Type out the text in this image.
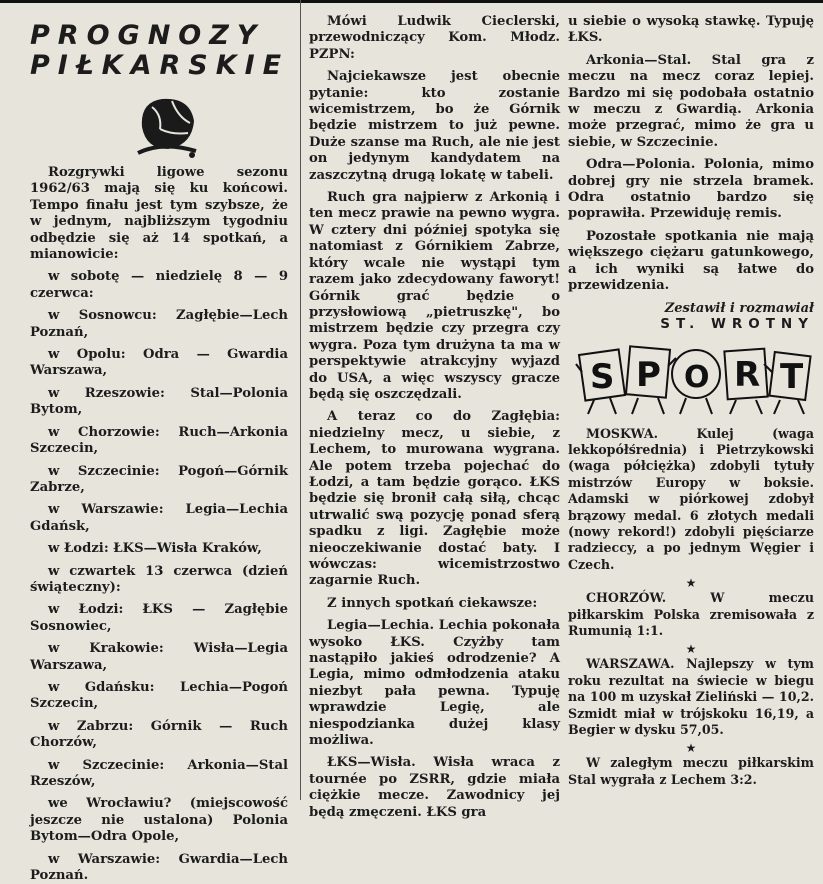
PROGNOZY
PIŁKARSKIE

Rozgrywki ligowe sezonu 1962/63 mają się ku końcowi. Tempo finału jest tym szybsze, że w jednym, najbliższym tygodniu odbędzie się aż 14 spotkań, a mianowicie:

w sobotę — niedzielę 8 — 9 czerwca:

w Sosnowcu: Zagłębie—Lech Poznań,

w Opolu: Odra — Gwardia Warszawa,

w Rzeszowie: Stal—Polonia Bytom,

w Chorzowie: Ruch—Arkonia Szczecin,

w Szczecinie: Pogoń—Górnik Zabrze,

w Warszawie: Legia—Lechia Gdańsk,

w Łodzi: ŁKS—Wisła Kraków,

w czwartek 13 czerwca (dzień świąteczny):

w Łodzi: ŁKS — Zagłębie Sosnowiec,

w Krakowie: Wisła—Legia Warszawa,

w Gdańsku: Lechia—Pogoń Szczecin,

w Zabrzu: Górnik — Ruch Chorzów,

w Szczecinie: Arkonia—Stal Rzeszów,

we Wrocławiu? (miejscowość jeszcze nie ustalona) Polonia Bytom—Odra Opole,

w Warszawie: Gwardia—Lech Poznań.

Mówi Ludwik Cieclerski, przewodniczący Kom. Młodz. PZPN:

Najciekawsze jest obecnie pytanie: kto zostanie wicemistrzem, bo że Górnik będzie mistrzem to już pewne. Duże szanse ma Ruch, ale nie jest on jedynym kandydatem na zaszczytną drugą lokatę w tabeli.

Ruch gra najpierw z Arkonią i ten mecz prawie na pewno wygra. W cztery dni później spotyka się natomiast z Górnikiem Zabrze, który wcale nie wystąpi tym razem jako zdecydowany faworyt! Górnik grać będzie o przysłowiową „pietruszkę", bo mistrzem będzie czy przegra czy wygra. Poza tym drużyna ta ma w perspektywie atrakcyjny wyjazd do USA, a więc wszyscy gracze będą się oszczędzali.

A teraz co do Zagłębia: niedzielny mecz, u siebie, z Lechem, to murowana wygrana. Ale potem trzeba pojechać do Łodzi, a tam będzie gorąco. ŁKS będzie się bronił całą siłą, chcąc utrwalić swą pozycję ponad sferą spadku z ligi. Zagłębie może nieoczekiwanie dostać baty. I wówczas: wicemistrzostwo zagarnie Ruch.

Z innych spotkań ciekawsze:

Legia—Lechia. Lechia pokonała wysoko ŁKS. Czyżby tam nastąpiło jakieś odrodzenie? A Legia, mimo odmłodzenia ataku niezbyt pała pewna. Typuję wprawdzie Legię, ale niespodzianka dużej klasy możliwa.

ŁKS—Wisła. Wisła wraca z tournée po ZSRR, gdzie miała ciężkie mecze. Zawodnicy jej będą zmęczeni. ŁKS gra

u siebie o wysoką stawkę. Typuję ŁKS.

Arkonia—Stal. Stal gra z meczu na mecz coraz lepiej. Bardzo mi się podobała ostatnio w meczu z Gwardią. Arkonia może przegrać, mimo że gra u siebie, w Szczecinie.

Odra—Polonia. Polonia, mimo dobrej gry nie strzela bramek. Odra ostatnio bardzo się poprawiła. Przewiduję remis.

Pozostałe spotkania nie mają większego ciężaru gatunkowego, a ich wyniki są łatwe do przewidzenia.

Zestawił i rozmawiał
ST. WROTNY
S P O R T

MOSKWA. Kulej (waga lekkopółśrednia) i Pietrzykowski (waga półciężka) zdobyli tytuły mistrzów Europy w boksie. Adamski w piórkowej zdobył brązowy medal. 6 złotych medali (nowy rekord!) zdobyli pięściarze radzieccy, a po jednym Węgier i Czech.

★

CHORZÓW. W meczu piłkarskim Polska zremisowała z Rumunią 1:1.

★

WARSZAWA. Najlepszy w tym roku rezultat na świecie w biegu na 100 m uzyskał Zieliński — 10,2. Szmidt miał w trójskoku 16,19, a Begier w dysku 57,05.

★

W zaległym meczu piłkarskim Stal wygrała z Lechem 3:2.
